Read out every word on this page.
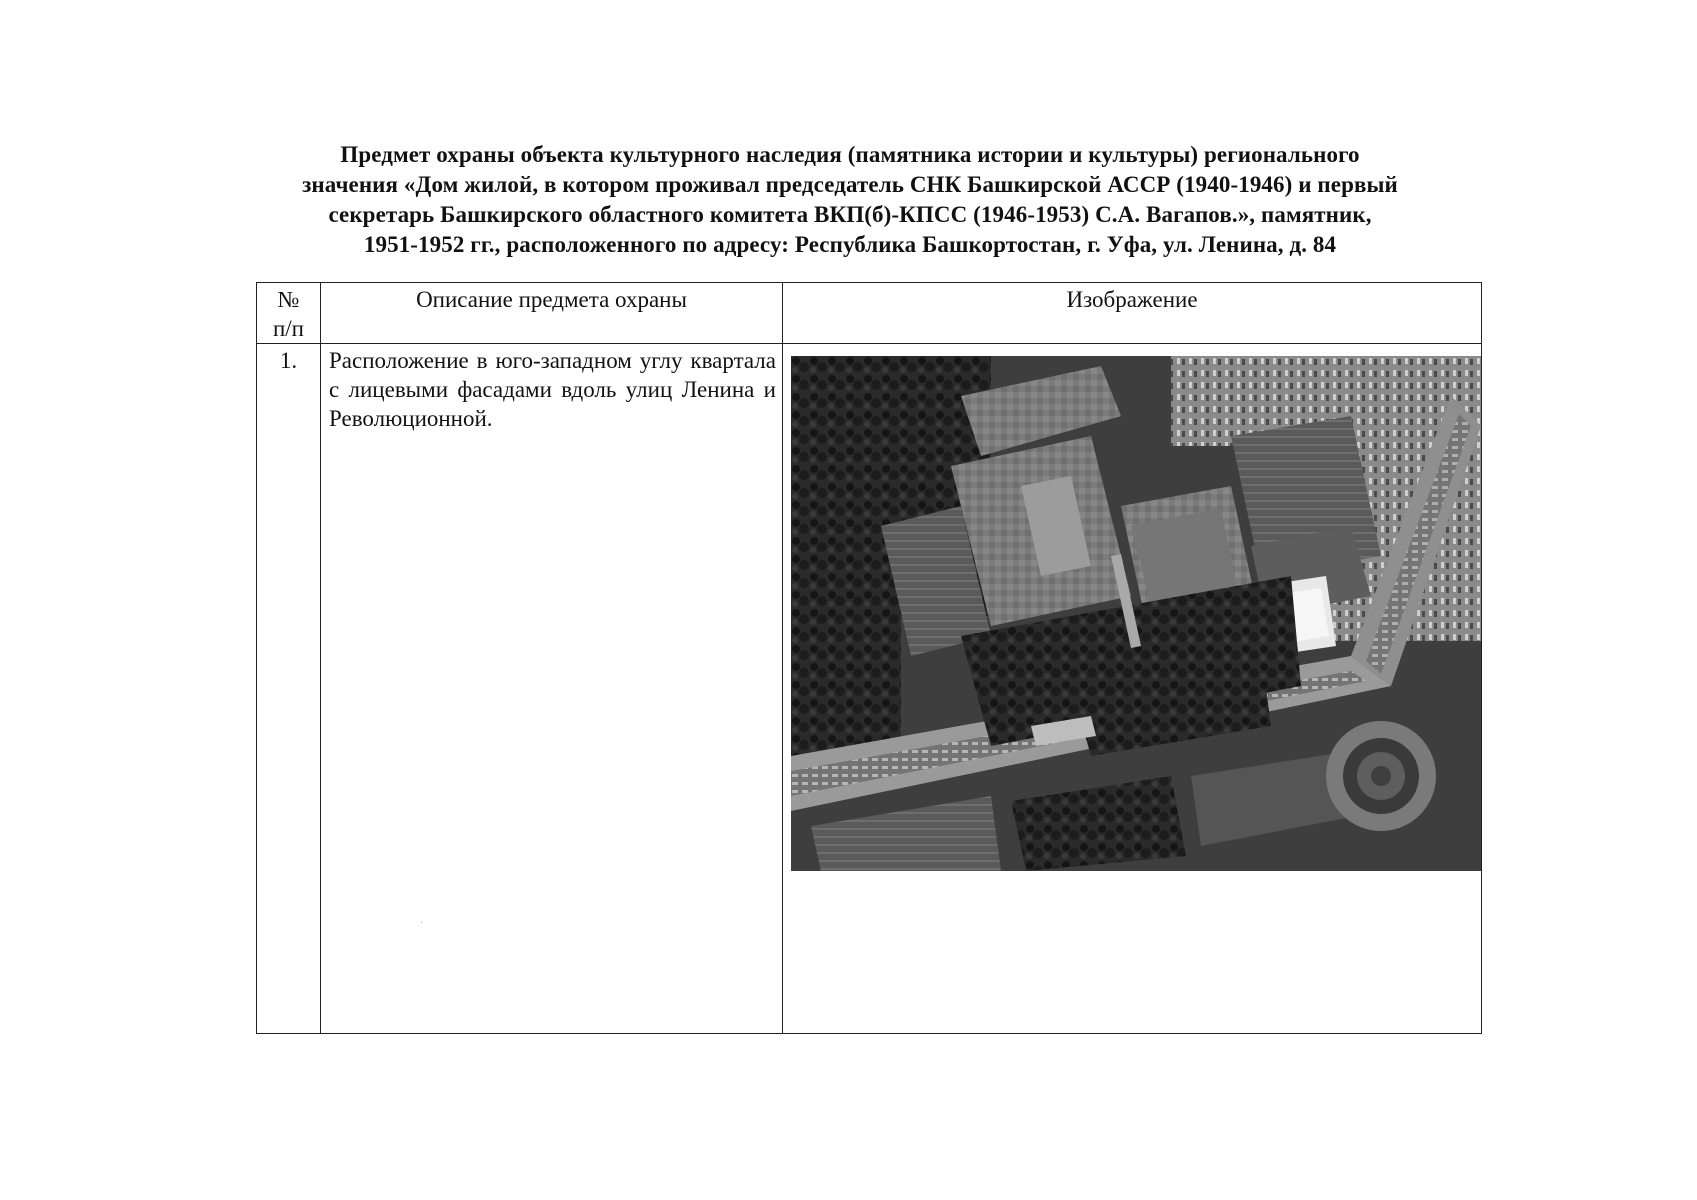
Предмет охраны объекта культурного наследия (памятника истории и культуры) регионального
значения «Дом жилой, в котором проживал председатель СНК Башкирской АССР (1940-1946) и первый
секретарь Башкирского областного комитета ВКП(б)-КПСС (1946-1953) С.А. Вагапов.», памятник,
1951-1952 гг., расположенного по адресу: Республика Башкортостан, г. Уфа, ул. Ленина, д. 84
№
п/п	Описание предмета охраны	Изображение
1.	Расположение в юго-западном углу квартала с лицевыми фасадами вдоль улиц Ленина и Революционной.	
·
